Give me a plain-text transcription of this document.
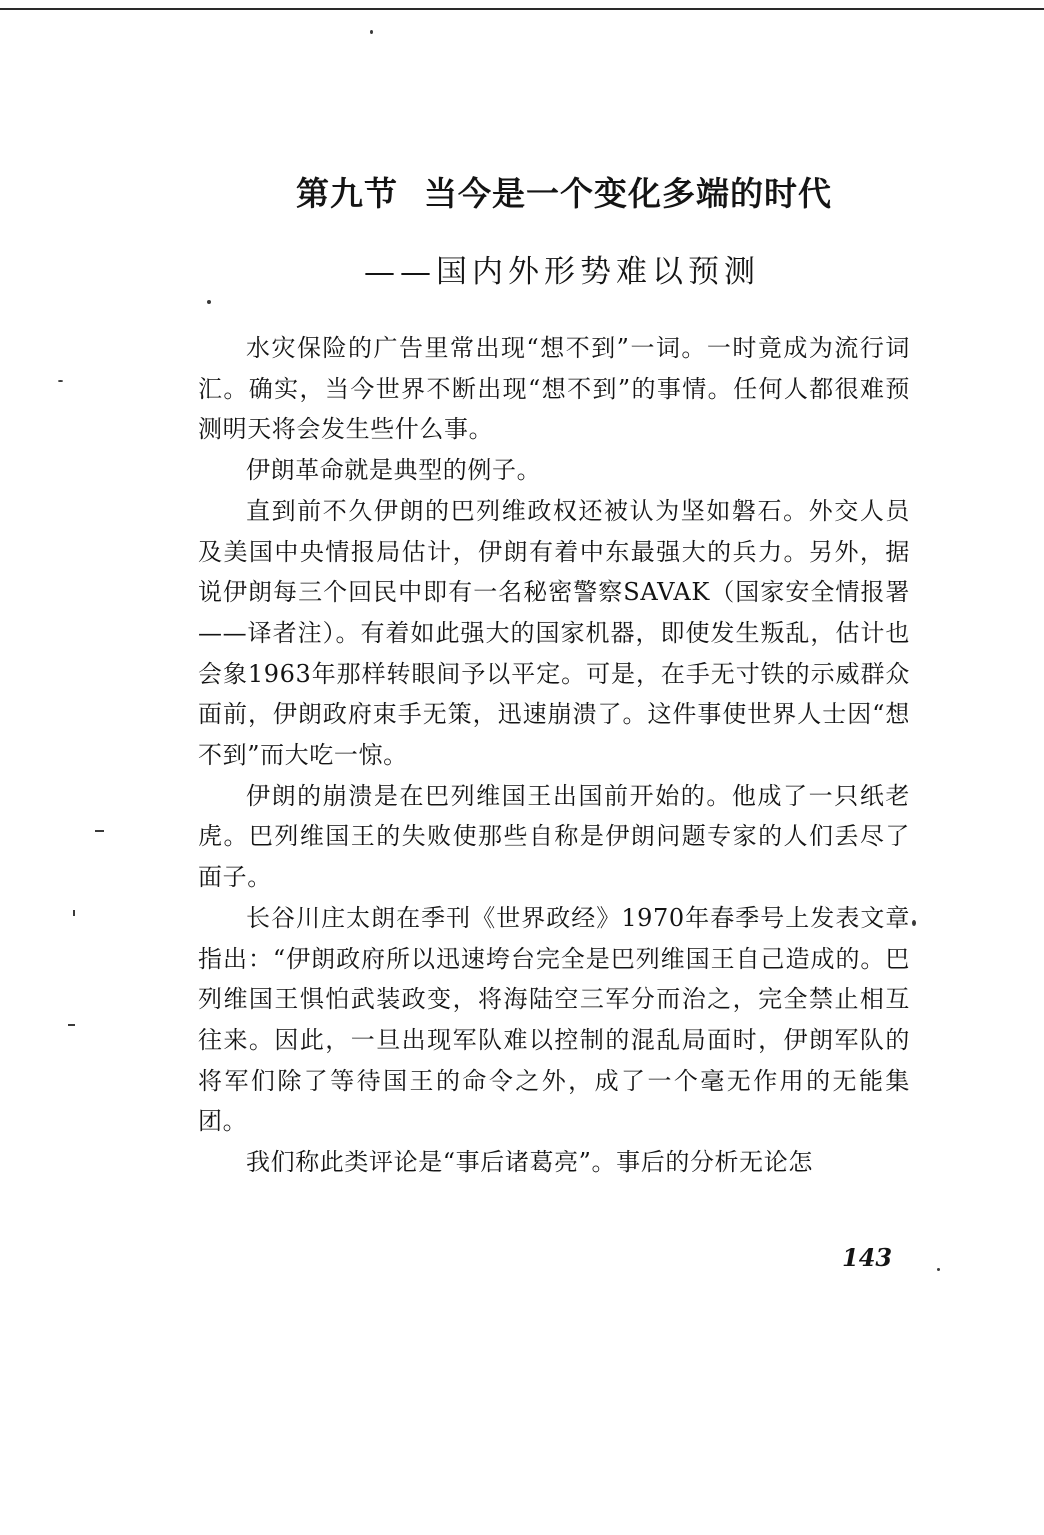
第九节 当今是一个变化多端的时代
——国内外形势难以预测

水灾保险的广告里常出现“想不到”一词。一时竟成为流行词汇。确实，当今世界不断出现“想不到”的事情。任何人都很难预测明天将会发生些什么事。

伊朗革命就是典型的例子。

直到前不久伊朗的巴列维政权还被认为坚如磐石。外交人员及美国中央情报局估计，伊朗有着中东最强大的兵力。另外，据说伊朗每三个回民中即有一名秘密警察SAVAK（国家安全情报署——译者注）。有着如此强大的国家机器，即使发生叛乱，估计也会象1963年那样转眼间予以平定。可是，在手无寸铁的示威群众面前，伊朗政府束手无策，迅速崩溃了。这件事使世界人士因“想不到”而大吃一惊。

伊朗的崩溃是在巴列维国王出国前开始的。他成了一只纸老虎。巴列维国王的失败使那些自称是伊朗问题专家的人们丢尽了面子。

长谷川庄太朗在季刊《世界政经》1970年春季号上发表文章指出：“伊朗政府所以迅速垮台完全是巴列维国王自己造成的。巴列维国王惧怕武装政变，将海陆空三军分而治之，完全禁止相互往来。因此，一旦出现军队难以控制的混乱局面时，伊朗军队的将军们除了等待国王的命令之外，成了一个毫无作用的无能集团。

我们称此类评论是“事后诸葛亮”。事后的分析无论怎

143
